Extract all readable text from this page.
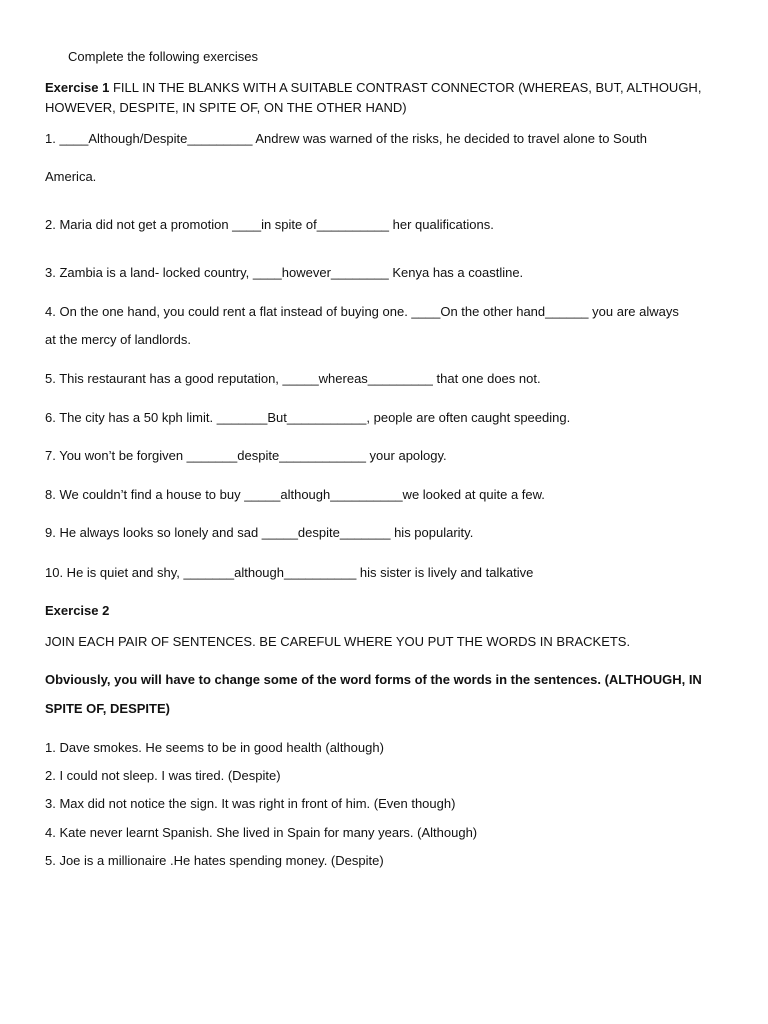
Complete the following exercises
Exercise 1 FILL IN THE BLANKS WITH A SUITABLE CONTRAST CONNECTOR (WHEREAS, BUT, ALTHOUGH,
HOWEVER, DESPITE, IN SPITE OF, ON THE OTHER HAND)
1. ____Although/Despite_________ Andrew was warned of the risks, he decided to travel alone to South
America.
2. Maria did not get a promotion ____in spite of__________ her qualifications.
3. Zambia is a land- locked country, ____however________ Kenya has a coastline.
4. On the one hand, you could rent a flat instead of buying one. ____On the other hand______ you are always
at the mercy of landlords.
5. This restaurant has a good reputation, _____whereas_________ that one does not.
6. The city has a 50 kph limit. _______But___________, people are often caught speeding.
7. You won’t be forgiven _______despite____________ your apology.
8. We couldn’t find a house to buy _____although__________we looked at quite a few.
9. He always looks so lonely and sad _____despite_______ his popularity.
10. He is quiet and shy, _______although__________ his sister is lively and talkative
Exercise 2
JOIN EACH PAIR OF SENTENCES. BE CAREFUL WHERE YOU PUT THE WORDS IN BRACKETS.
Obviously, you will have to change some of the word forms of the words in the sentences. (ALTHOUGH, IN
SPITE OF, DESPITE)
1. Dave smokes. He seems to be in good health (although)
2. I could not sleep. I was tired. (Despite)
3. Max did not notice the sign. It was right in front of him. (Even though)
4. Kate never learnt Spanish. She lived in Spain for many years. (Although)
5. Joe is a millionaire .He hates spending money. (Despite)
